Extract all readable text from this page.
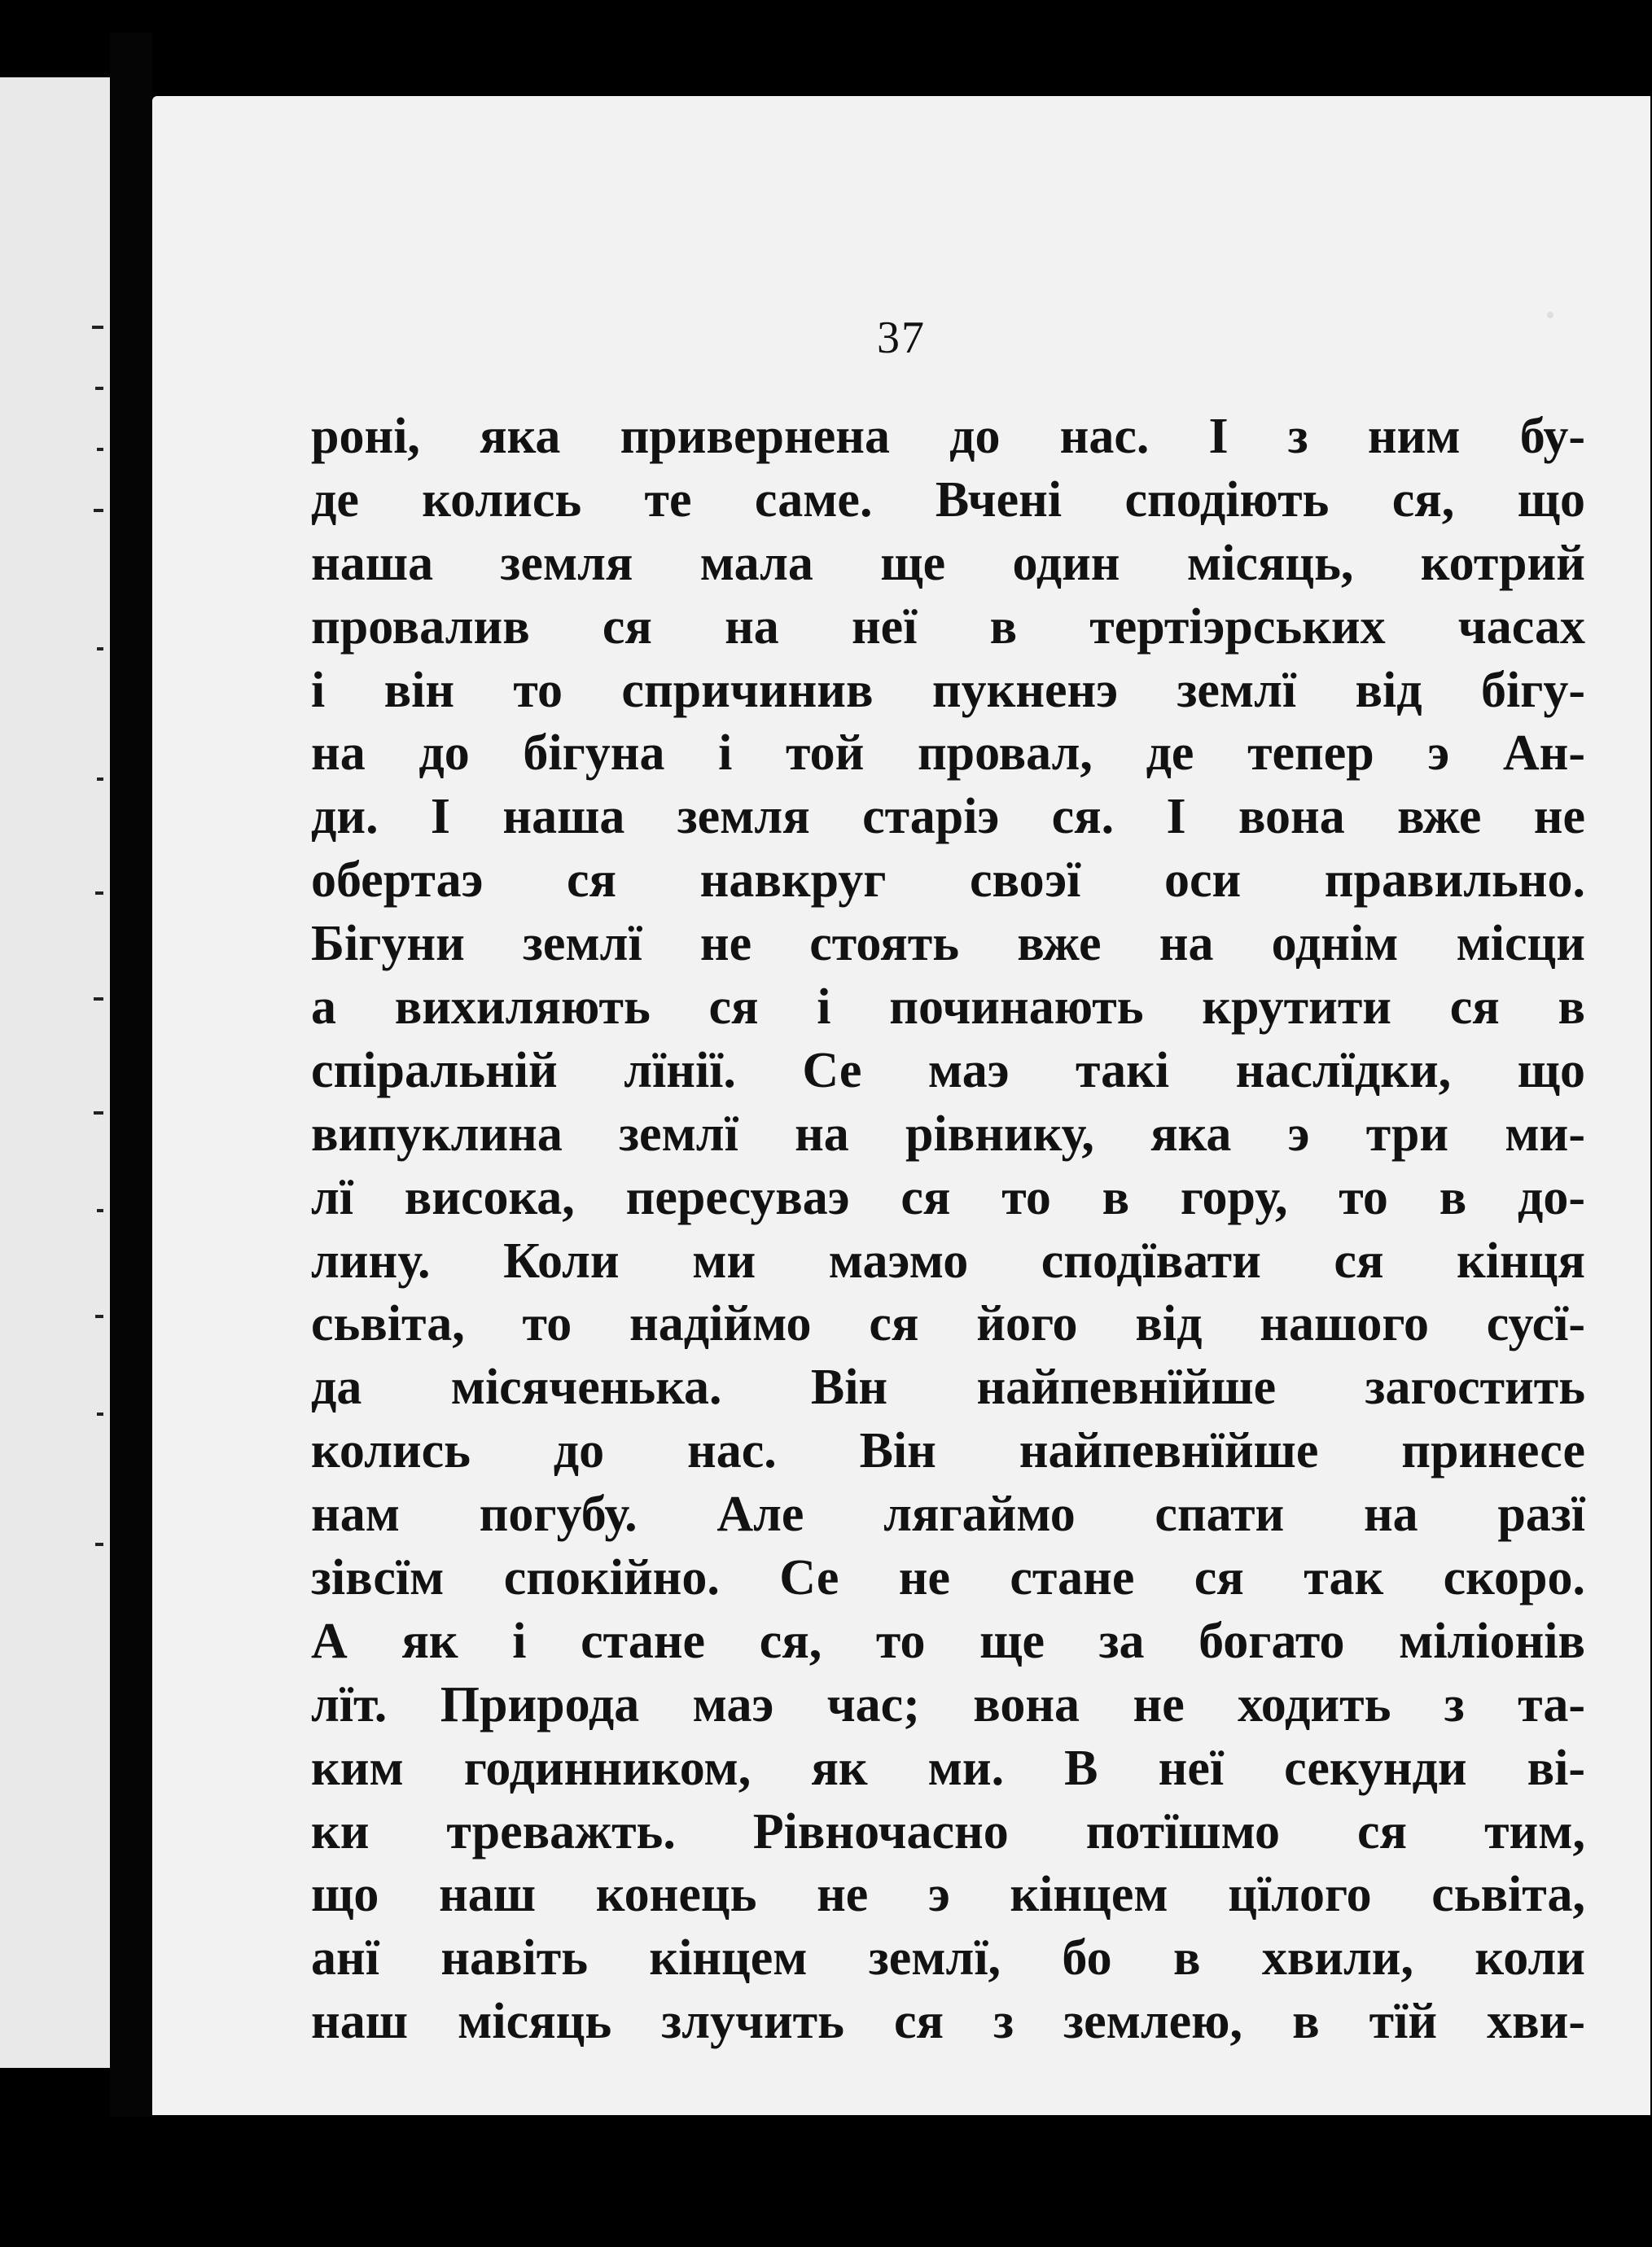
37
роні, яка привернена до нас. І з ним бу-
де колись те саме. Вчені сподіють ся, що
наша земля мала ще один місяць, котрий
провалив ся на неї в тертіэрських часах
і він то спричинив пукненэ землї від бігу-
на до бігуна і той провал, де тепер э Ан-
ди. І наша земля старіэ ся. І вона вже не
обертаэ ся навкруг своэї оси правильно.
Бігуни землї не стоять вже на однім місци
а вихиляють ся і починають крутити ся в
спіральній лїнії. Се маэ такі наслїдки, що
випуклина землї на рівнику, яка э три ми-
лї висока, пересуваэ ся то в гору, то в до-
лину. Коли ми маэмо сподївати ся кінця
сьвіта, то надіймо ся його від нашого сусї-
да місяченька. Він найпевнїйше загостить
колись до нас. Він найпевнїйше принесе
нам погубу. Але лягаймо спати на разї
зівсїм спокійно. Се не стане ся так скоро.
А як і стане ся, то ще за богато міліонів
лїт. Природа маэ час; вона не ходить з та-
ким годинником, як ми. В неї секунди ві-
ки треважть. Рівночасно потїшмо ся тим,
що наш конець не э кінцем цїлого сьвіта,
анї навіть кінцем землї, бо в хвили, коли
наш місяць злучить ся з землею, в тїй хви-
